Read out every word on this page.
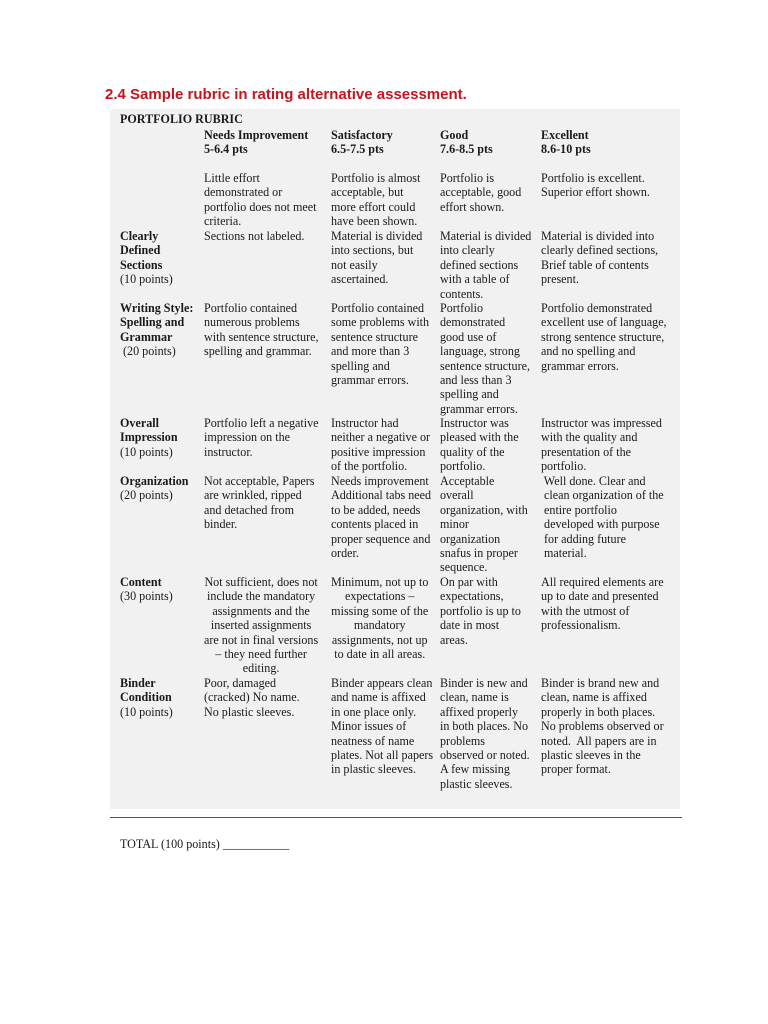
2.4 Sample rubric in rating alternative assessment.
PORTFOLIO RUBRIC
Needs Improvement
5-6.4 pts
Satisfactory
6.5-7.5 pts
Good
7.6-8.5 pts
Excellent
8.6-10 pts
Little effort
demonstrated or
portfolio does not meet
criteria.
Portfolio is almost
acceptable, but
more effort could
have been shown.
Portfolio is
acceptable, good
effort shown.
Portfolio is excellent.
Superior effort shown.
Clearly
Defined
Sections
(10 points)
Sections not labeled. Material is divided
into sections, but
not easily
ascertained.
Material is divided
into clearly
defined sections
with a table of
contents.
Material is divided into
clearly defined sections,
Brief table of contents
present.
Writing Style:
Spelling and
Grammar
(20 points)
Portfolio contained
numerous problems
with sentence structure,
spelling and grammar.
Portfolio contained
some problems with
sentence structure
and more than 3
spelling and
grammar errors.
Portfolio
demonstrated
good use of
language, strong
sentence structure,
and less than 3
spelling and
grammar errors.
Portfolio demonstrated
excellent use of language,
strong sentence structure,
and no spelling and
grammar errors.
Overall
Impression
(10 points)
Portfolio left a negative
impression on the
instructor.
Instructor had
neither a negative or
positive impression
of the portfolio.
Instructor was
pleased with the
quality of the
portfolio.
Instructor was impressed
with the quality and
presentation of the
portfolio.
Organization
(20 points)
Not acceptable, Papers
are wrinkled, ripped
and detached from
binder.
Needs improvement
Additional tabs need
to be added, needs
contents placed in
proper sequence and
order.
Acceptable
overall
organization, with
minor
organization
snafus in proper
sequence.
Well done. Clear and
clean organization of the
entire portfolio
developed with purpose
for adding future
material.
Content
(30 points)
Not sufficient, does not
include the mandatory
assignments and the
inserted assignments
are not in final versions
– they need further
editing.
Minimum, not up to
expectations –
missing some of the
mandatory
assignments, not up
to date in all areas.
On par with
expectations,
portfolio is up to
date in most
areas.
All required elements are
up to date and presented
with the utmost of
professionalism.
Binder
Condition
(10 points)
Poor, damaged
(cracked) No name.
No plastic sleeves.
Binder appears clean
and name is affixed
in one place only.
Minor issues of
neatness of name
plates. Not all papers
in plastic sleeves.
Binder is new and
clean, name is
affixed properly
in both places. No
problems
observed or noted.
A few missing
plastic sleeves.
Binder is brand new and
clean, name is affixed
properly in both places.
No problems observed or
noted.  All papers are in
plastic sleeves in the
proper format.
TOTAL (100 points) ___________
